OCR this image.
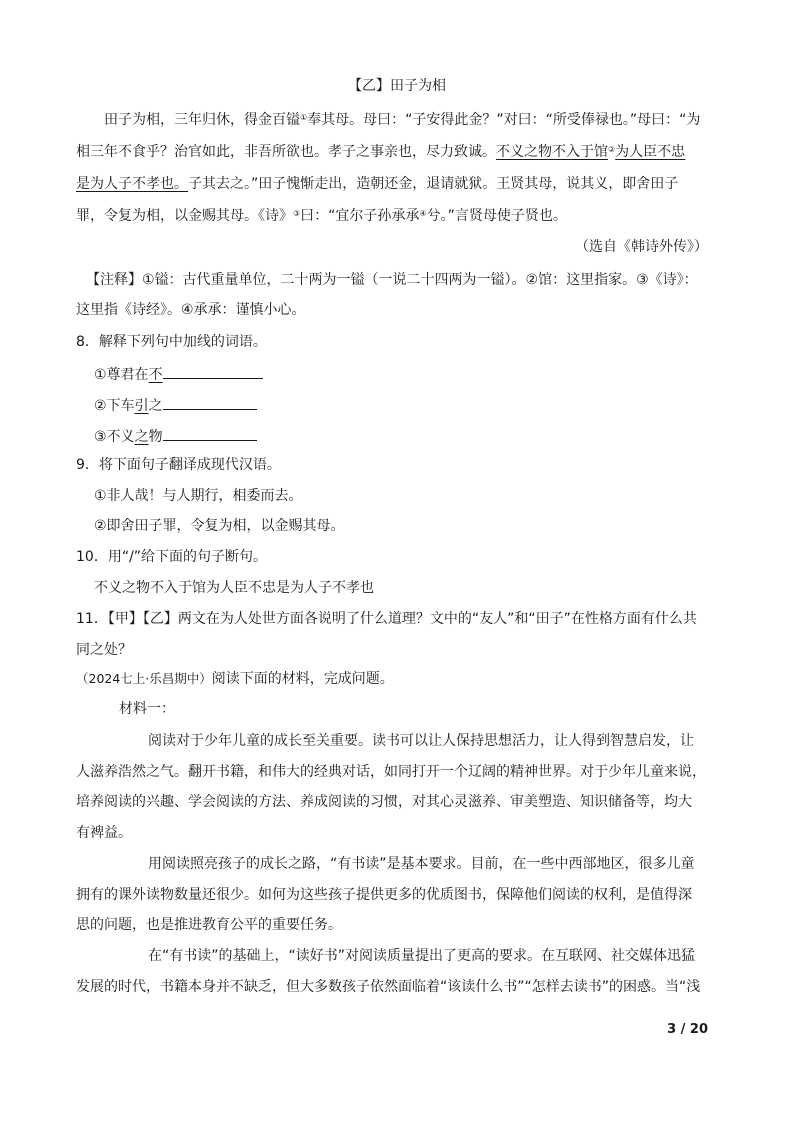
【乙】田子为相
田子为相，三年归休，得金百镒①奉其母。母曰：“子安得此金？”对曰：“所受俸禄也。”母曰：“为
相三年不食乎？治官如此，非吾所欲也。孝子之事亲也，尽力致诚。不义之物不入于馆②为人臣不忠
是为人子不孝也。子其去之。”田子愧惭走出，造朝还金，退请就狱。王贤其母，说其义，即舍田子
罪，令复为相，以金赐其母。《诗》③曰：“宜尔子孙承承④兮。”言贤母使子贤也。
（选自《韩诗外传》）
【注释】①镒：古代重量单位，二十两为一镒（一说二十四两为一镒）。②馆：这里指家。③《诗》：
这里指《诗经》。④承承：谨慎小心。
8．解释下列句中加线的词语。
①尊君在不
②下车引之
③不义之物
9．将下面句子翻译成现代汉语。
①非人哉！与人期行，相委而去。
②即舍田子罪，令复为相，以金赐其母。
10．用“/”给下面的句子断句。
不义之物不入于馆为人臣不忠是为人子不孝也
11．【甲】【乙】两文在为人处世方面各说明了什么道理？文中的“友人”和“田子”在性格方面有什么共
同之处？
（2024七上·乐昌期中）阅读下面的材料，完成问题。
材料一：
阅读对于少年儿童的成长至关重要。读书可以让人保持思想活力，让人得到智慧启发，让
人滋养浩然之气。翻开书籍，和伟大的经典对话，如同打开一个辽阔的精神世界。对于少年儿童来说，
培养阅读的兴趣、学会阅读的方法、养成阅读的习惯，对其心灵滋养、审美塑造、知识储备等，均大
有裨益。
用阅读照亮孩子的成长之路，“有书读”是基本要求。目前，在一些中西部地区，很多儿童
拥有的课外读物数量还很少。如何为这些孩子提供更多的优质图书，保障他们阅读的权利，是值得深
思的问题，也是推进教育公平的重要任务。
在“有书读”的基础上，“读好书”对阅读质量提出了更高的要求。在互联网、社交媒体迅猛
发展的时代，书籍本身并不缺乏，但大多数孩子依然面临着“该读什么书”“怎样去读书”的困惑。当“浅
3 / 20
